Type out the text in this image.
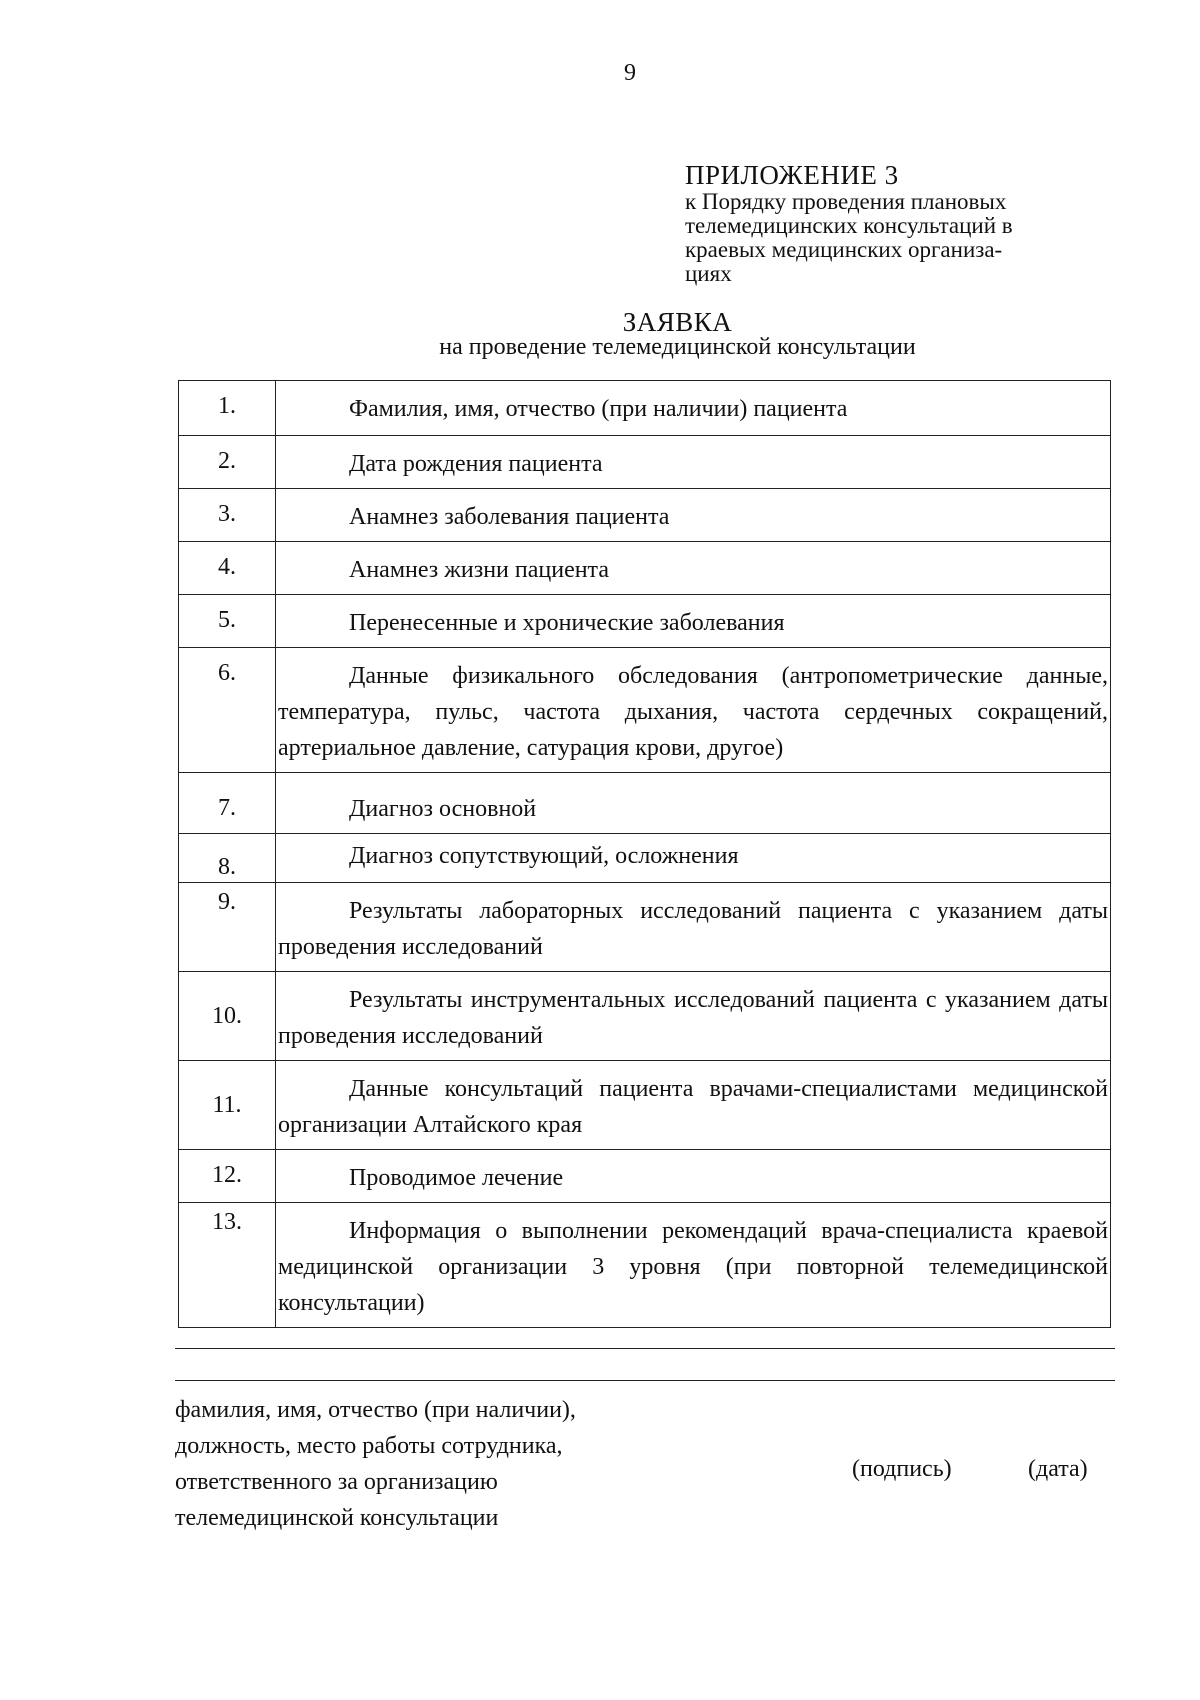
9
ПРИЛОЖЕНИЕ 3
к Порядку проведения плановых
телемедицинских консультаций в
краевых медицинских организа-
циях
ЗАЯВКА
на проведение телемедицинской консультации
1.	Фамилия, имя, отчество (при наличии) пациента

2.	Дата рождения пациента

3.	Анамнез заболевания пациента

4.	Анамнез жизни пациента

5.	Перенесенные и хронические заболевания

6.	Данные физикального обследования (антропометрические данные, температура, пульс, частота дыхания, частота сердечных сокращений, артериальное давление, сатурация крови, другое)

7.	Диагноз основной

8.	Диагноз сопутствующий, осложнения

9.	Результаты лабораторных исследований пациента с указанием даты проведения исследований

10.	Результаты инструментальных исследований пациента с указанием даты проведения исследований

11.	Данные консультаций пациента врачами-специалистами медицинской организации Алтайского края

12.	Проводимое лечение

13.	Информация о выполнении рекомендаций врача-специалиста краевой медицинской организации 3 уровня (при повторной телемедицинской консультации)
фамилия, имя, отчество (при наличии),
должность, место работы сотрудника,
ответственного за организацию
телемедицинской консультации
(подпись)	(дата)
